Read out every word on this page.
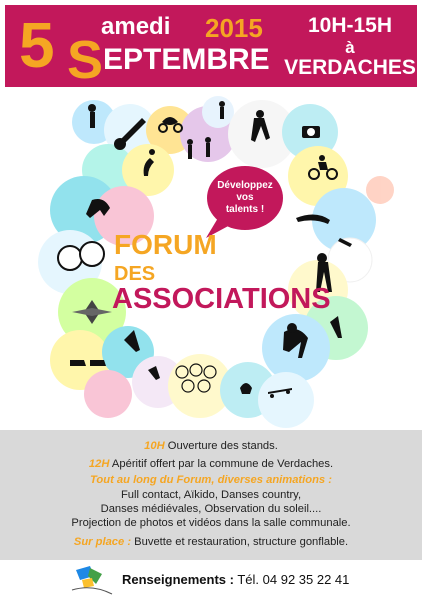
5 amedi 2015
S EPTEMBRE
10H-15H
à
VERDACHES
Développez
vos
talents !
FORUM
DES
ASSOCIATIONS
10H Ouverture des stands.
12H Apéritif offert par la commune de Verdaches.
Tout au long du Forum, diverses animations :
Full contact, Aïkido, Danses country,
Danses médiévales, Observation du soleil....
Projection de photos et vidéos dans la salle communale.
Sur place : Buvette et restauration, structure gonflable.
Renseignements : Tél. 04 92 35 22 41
